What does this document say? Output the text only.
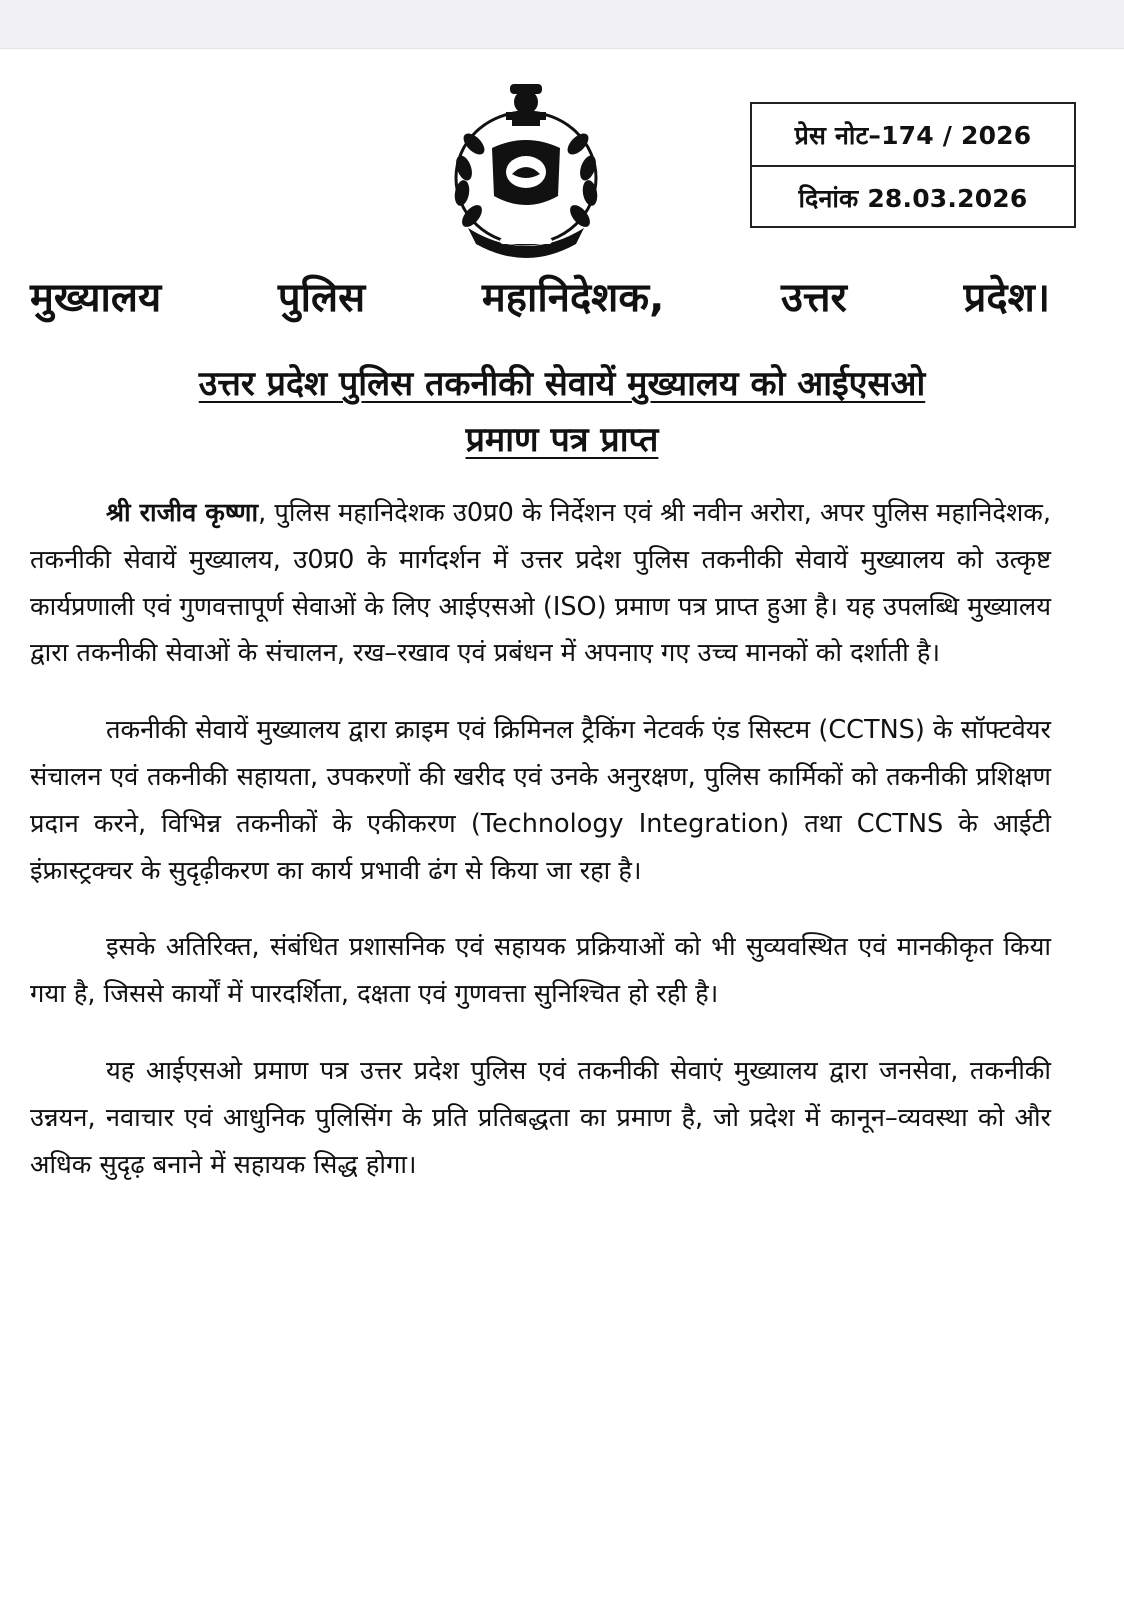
प्रेस नोट–174 / 2026
दिनांक 28.03.2026
मुख्यालय	पुलिस	महानिदेशक,	उत्तर	प्रदेश।
उत्तर प्रदेश पुलिस तकनीकी सेवायें मुख्यालय को आईएसओ
प्रमाण पत्र प्राप्त

श्री राजीव कृष्णा, पुलिस महानिदेशक उ0प्र0 के निर्देशन एवं श्री नवीन अरोरा, अपर पुलिस महानिदेशक, तकनीकी सेवायें मुख्यालय, उ0प्र0 के मार्गदर्शन में उत्तर प्रदेश पुलिस तकनीकी सेवायें मुख्यालय को उत्कृष्ट कार्यप्रणाली एवं गुणवत्तापूर्ण सेवाओं के लिए आईएसओ (ISO) प्रमाण पत्र प्राप्त हुआ है। यह उपलब्धि मुख्यालय द्वारा तकनीकी सेवाओं के संचालन, रख–रखाव एवं प्रबंधन में अपनाए गए उच्च मानकों को दर्शाती है।

तकनीकी सेवायें मुख्यालय द्वारा क्राइम एवं क्रिमिनल ट्रैकिंग नेटवर्क एंड सिस्टम (CCTNS) के सॉफ्टवेयर संचालन एवं तकनीकी सहायता, उपकरणों की खरीद एवं उनके अनुरक्षण, पुलिस कार्मिकों को तकनीकी प्रशिक्षण प्रदान करने, विभिन्न तकनीकों के एकीकरण (Technology Integration) तथा CCTNS के आईटी इंफ्रास्ट्रक्चर के सुदृढ़ीकरण का कार्य प्रभावी ढंग से किया जा रहा है।

इसके अतिरिक्त, संबंधित प्रशासनिक एवं सहायक प्रक्रियाओं को भी सुव्यवस्थित एवं मानकीकृत किया गया है, जिससे कार्यों में पारदर्शिता, दक्षता एवं गुणवत्ता सुनिश्चित हो रही है।

यह आईएसओ प्रमाण पत्र उत्तर प्रदेश पुलिस एवं तकनीकी सेवाएं मुख्यालय द्वारा जनसेवा, तकनीकी उन्नयन, नवाचार एवं आधुनिक पुलिसिंग के प्रति प्रतिबद्धता का प्रमाण है, जो प्रदेश में कानून–व्यवस्था को और अधिक सुदृढ़ बनाने में सहायक सिद्ध होगा।
